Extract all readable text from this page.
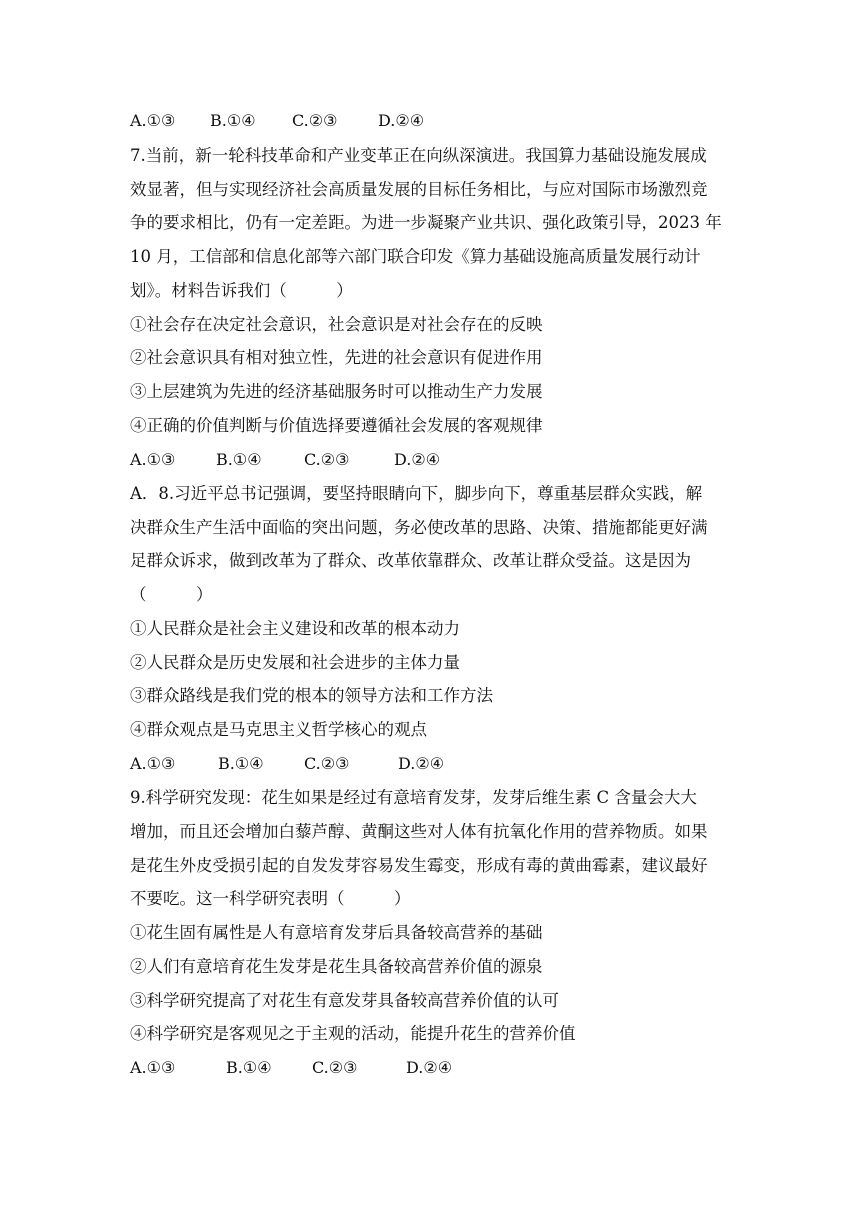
A.①③ B.①④ C.②③	D.②④
7.当前，新一轮科技革命和产业变革正在向纵深演进。我国算力基础设施发展成
效显著，但与实现经济社会高质量发展的目标任务相比，与应对国际市场激烈竞
争的要求相比，仍有一定差距。为进一步凝聚产业共识、强化政策引导，2023 年
10 月，工信部和信息化部等六部门联合印发《算力基础设施高质量发展行动计
划》。材料告诉我们（　　　）
①社会存在决定社会意识，社会意识是对社会存在的反映
②社会意识具有相对独立性，先进的社会意识有促进作用
③上层建筑为先进的经济基础服务时可以推动生产力发展
④正确的价值判断与价值选择要遵循社会发展的客观规律
A.①③	B.①④	C.②③	D.②④
A．8.习近平总书记强调，要坚持眼睛向下，脚步向下，尊重基层群众实践，解
决群众生产生活中面临的突出问题，务必使改革的思路、决策、措施都能更好满
足群众诉求，做到改革为了群众、改革依靠群众、改革让群众受益。这是因为
（　　　）
①人民群众是社会主义建设和改革的根本动力
②人民群众是历史发展和社会进步的主体力量
③群众路线是我们党的根本的领导方法和工作方法
④群众观点是马克思主义哲学核心的观点
A.①③	B.①④	C.②③	D.②④
9.科学研究发现：花生如果是经过有意培育发芽，发芽后维生素 C 含量会大大
增加，而且还会增加白藜芦醇、黄酮这些对人体有抗氧化作用的营养物质。如果
是花生外皮受损引起的自发发芽容易发生霉变，形成有毒的黄曲霉素，建议最好
不要吃。这一科学研究表明（　　　）
①花生固有属性是人有意培育发芽后具备较高营养的基础
②人们有意培育花生发芽是花生具备较高营养价值的源泉
③科学研究提高了对花生有意发芽具备较高营养价值的认可
④科学研究是客观见之于主观的活动，能提升花生的营养价值
A.①③	B.①④	C.②③	D.②④
